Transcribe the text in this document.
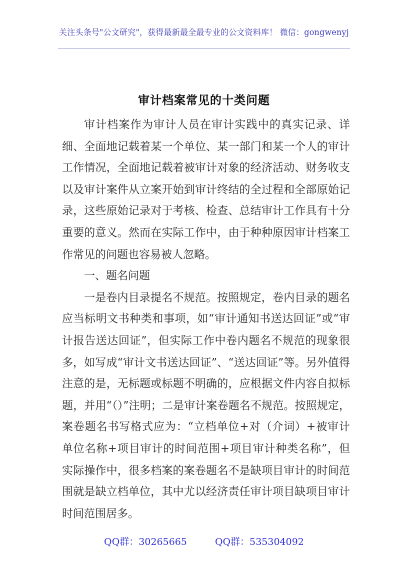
关注头条号"公文研究"，获得最新最全最专业的公文资料库！ 微信：gongwenyj
审计档案常见的十类问题

审计档案作为审计人员在审计实践中的真实记录、详细、全面地记载着某一个单位、某一部门和某一个人的审计工作情况，全面地记载着被审计对象的经济活动、财务收支以及审计案件从立案开始到审计终结的全过程和全部原始记录，这些原始记录对于考核、检查、总结审计工作具有十分重要的意义。然而在实际工作中，由于种种原因审计档案工作常见的问题也容易被人忽略。

一、题名问题

一是卷内目录提名不规范。按照规定，卷内目录的题名应当标明文书种类和事项，如“审计通知书送达回证”或“审计报告送达回证”，但实际工作中卷内题名不规范的现象很多，如写成“审计文书送达回证”、“送达回证”等。另外值得注意的是，无标题或标题不明确的，应根据文件内容自拟标题，并用“（）”注明；二是审计案卷题名不规范。按照规定，案卷题名书写格式应为：“立档单位+对（介词）+被审计单位名称+项目审计的时间范围+项目审计种类名称”，但实际操作中，很多档案的案卷题名不是缺项目审计的时间范围就是缺立档单位，其中尤以经济责任审计项目缺项目审计时间范围居多。

QQ群：30265665	QQ群：535304092
